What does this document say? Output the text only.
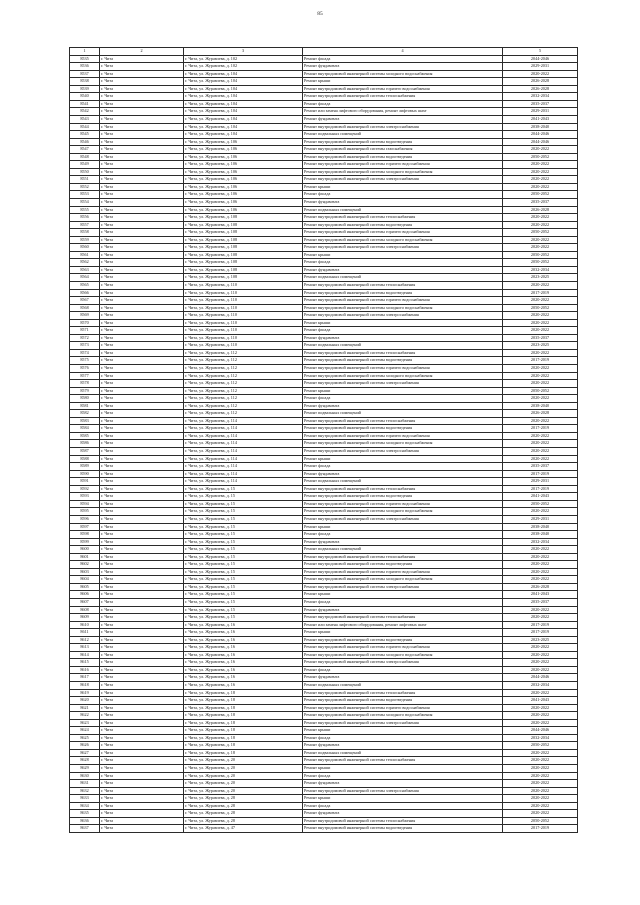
85
1	2	3	4	5
8535	г. Чита	г. Чита, ул. Журавлева, д. 102	Ремонт фасада	2044-2046
8536	г. Чита	г. Чита, ул. Журавлева, д. 102	Ремонт фундамента	2029-2031
8537	г. Чита	г. Чита, ул. Журавлева, д. 104	Ремонт внутридомовой инженерной системы холодного водоснабжения	2020-2022
8538	г. Чита	г. Чита, ул. Журавлева, д. 104	Ремонт крыши	2026-2028
8539	г. Чита	г. Чита, ул. Журавлева, д. 104	Ремонт внутридомовой инженерной системы горячего водоснабжения	2026-2028
8540	г. Чита	г. Чита, ул. Журавлева, д. 104	Ремонт внутридомовой инженерной системы теплоснабжения	2032-2034
8541	г. Чита	г. Чита, ул. Журавлева, д. 104	Ремонт фасада	2035-2037
8542	г. Чита	г. Чита, ул. Журавлева, д. 104	Ремонт или замена лифтового оборудования, ремонт лифтовых шахт	2029-2031
8543	г. Чита	г. Чита, ул. Журавлева, д. 104	Ремонт фундамента	2041-2043
8544	г. Чита	г. Чита, ул. Журавлева, д. 104	Ремонт внутридомовой инженерной системы электроснабжения	2038-2040
8545	г. Чита	г. Чита, ул. Журавлева, д. 104	Ремонт подвальных помещений	2044-2046
8546	г. Чита	г. Чита, ул. Журавлева, д. 106	Ремонт внутридомовой инженерной системы водоотведения	2044-2046
8547	г. Чита	г. Чита, ул. Журавлева, д. 106	Ремонт внутридомовой инженерной системы газоснабжения	2020-2022
8548	г. Чита	г. Чита, ул. Журавлева, д. 106	Ремонт внутридомовой инженерной системы водоотведения	2050-2052
8549	г. Чита	г. Чита, ул. Журавлева, д. 106	Ремонт внутридомовой инженерной системы горячего водоснабжения	2020-2022
8550	г. Чита	г. Чита, ул. Журавлева, д. 106	Ремонт внутридомовой инженерной системы холодного водоснабжения	2020-2022
8551	г. Чита	г. Чита, ул. Журавлева, д. 106	Ремонт внутридомовой инженерной системы электроснабжения	2020-2022
8552	г. Чита	г. Чита, ул. Журавлева, д. 106	Ремонт крыши	2020-2022
8553	г. Чита	г. Чита, ул. Журавлева, д. 106	Ремонт фасада	2050-2052
8554	г. Чита	г. Чита, ул. Журавлева, д. 106	Ремонт фундамента	2035-2037
8555	г. Чита	г. Чита, ул. Журавлева, д. 106	Ремонт подвальных помещений	2026-2028
8556	г. Чита	г. Чита, ул. Журавлева, д. 108	Ремонт внутридомовой инженерной системы теплоснабжения	2020-2022
8557	г. Чита	г. Чита, ул. Журавлева, д. 108	Ремонт внутридомовой инженерной системы водоотведения	2020-2022
8558	г. Чита	г. Чита, ул. Журавлева, д. 108	Ремонт внутридомовой инженерной системы горячего водоснабжения	2050-2052
8559	г. Чита	г. Чита, ул. Журавлева, д. 108	Ремонт внутридомовой инженерной системы холодного водоснабжения	2020-2022
8560	г. Чита	г. Чита, ул. Журавлева, д. 108	Ремонт внутридомовой инженерной системы электроснабжения	2020-2022
8561	г. Чита	г. Чита, ул. Журавлева, д. 108	Ремонт крыши	2050-2052
8562	г. Чита	г. Чита, ул. Журавлева, д. 108	Ремонт фасада	2050-2052
8563	г. Чита	г. Чита, ул. Журавлева, д. 108	Ремонт фундамента	2032-2034
8564	г. Чита	г. Чита, ул. Журавлева, д. 108	Ремонт подвальных помещений	2023-2025
8565	г. Чита	г. Чита, ул. Журавлева, д. 110	Ремонт внутридомовой инженерной системы теплоснабжения	2020-2022
8566	г. Чита	г. Чита, ул. Журавлева, д. 110	Ремонт внутридомовой инженерной системы водоотведения	2017-2019
8567	г. Чита	г. Чита, ул. Журавлева, д. 110	Ремонт внутридомовой инженерной системы горячего водоснабжения	2020-2022
8568	г. Чита	г. Чита, ул. Журавлева, д. 110	Ремонт внутридомовой инженерной системы холодного водоснабжения	2050-2052
8569	г. Чита	г. Чита, ул. Журавлева, д. 110	Ремонт внутридомовой инженерной системы электроснабжения	2020-2022
8570	г. Чита	г. Чита, ул. Журавлева, д. 110	Ремонт крыши	2020-2022
8571	г. Чита	г. Чита, ул. Журавлева, д. 110	Ремонт фасада	2020-2022
8572	г. Чита	г. Чита, ул. Журавлева, д. 110	Ремонт фундамента	2035-2037
8573	г. Чита	г. Чита, ул. Журавлева, д. 110	Ремонт подвальных помещений	2023-2025
8574	г. Чита	г. Чита, ул. Журавлева, д. 112	Ремонт внутридомовой инженерной системы теплоснабжения	2020-2022
8575	г. Чита	г. Чита, ул. Журавлева, д. 112	Ремонт внутридомовой инженерной системы водоотведения	2017-2019
8576	г. Чита	г. Чита, ул. Журавлева, д. 112	Ремонт внутридомовой инженерной системы горячего водоснабжения	2020-2022
8577	г. Чита	г. Чита, ул. Журавлева, д. 112	Ремонт внутридомовой инженерной системы холодного водоснабжения	2020-2022
8578	г. Чита	г. Чита, ул. Журавлева, д. 112	Ремонт внутридомовой инженерной системы электроснабжения	2020-2022
8579	г. Чита	г. Чита, ул. Журавлева, д. 112	Ремонт крыши	2050-2052
8580	г. Чита	г. Чита, ул. Журавлева, д. 112	Ремонт фасада	2020-2022
8581	г. Чита	г. Чита, ул. Журавлева, д. 112	Ремонт фундамента	2038-2040
8582	г. Чита	г. Чита, ул. Журавлева, д. 112	Ремонт подвальных помещений	2026-2028
8583	г. Чита	г. Чита, ул. Журавлева, д. 114	Ремонт внутридомовой инженерной системы теплоснабжения	2020-2022
8584	г. Чита	г. Чита, ул. Журавлева, д. 114	Ремонт внутридомовой инженерной системы водоотведения	2017-2019
8585	г. Чита	г. Чита, ул. Журавлева, д. 114	Ремонт внутридомовой инженерной системы горячего водоснабжения	2020-2022
8586	г. Чита	г. Чита, ул. Журавлева, д. 114	Ремонт внутридомовой инженерной системы холодного водоснабжения	2020-2022
8587	г. Чита	г. Чита, ул. Журавлева, д. 114	Ремонт внутридомовой инженерной системы электроснабжения	2020-2022
8588	г. Чита	г. Чита, ул. Журавлева, д. 114	Ремонт крыши	2020-2022
8589	г. Чита	г. Чита, ул. Журавлева, д. 114	Ремонт фасада	2035-2037
8590	г. Чита	г. Чита, ул. Журавлева, д. 114	Ремонт фундамента	2017-2019
8591	г. Чита	г. Чита, ул. Журавлева, д. 114	Ремонт подвальных помещений	2029-2031
8592	г. Чита	г. Чита, ул. Журавлева, д. 15	Ремонт внутридомовой инженерной системы теплоснабжения	2017-2019
8593	г. Чита	г. Чита, ул. Журавлева, д. 15	Ремонт внутридомовой инженерной системы водоотведения	2041-2043
8594	г. Чита	г. Чита, ул. Журавлева, д. 15	Ремонт внутридомовой инженерной системы горячего водоснабжения	2050-2052
8595	г. Чита	г. Чита, ул. Журавлева, д. 15	Ремонт внутридомовой инженерной системы холодного водоснабжения	2020-2022
8596	г. Чита	г. Чита, ул. Журавлева, д. 15	Ремонт внутридомовой инженерной системы электроснабжения	2029-2031
8597	г. Чита	г. Чита, ул. Журавлева, д. 15	Ремонт крыши	2038-2040
8598	г. Чита	г. Чита, ул. Журавлева, д. 15	Ремонт фасада	2038-2040
8599	г. Чита	г. Чита, ул. Журавлева, д. 15	Ремонт фундамента	2032-2034
8600	г. Чита	г. Чита, ул. Журавлева, д. 15	Ремонт подвальных помещений	2020-2022
8601	г. Чита	г. Чита, ул. Журавлева, д. 15	Ремонт внутридомовой инженерной системы теплоснабжения	2020-2022
8602	г. Чита	г. Чита, ул. Журавлева, д. 15	Ремонт внутридомовой инженерной системы водоотведения	2020-2022
8603	г. Чита	г. Чита, ул. Журавлева, д. 15	Ремонт внутридомовой инженерной системы горячего водоснабжения	2020-2022
8604	г. Чита	г. Чита, ул. Журавлева, д. 15	Ремонт внутридомовой инженерной системы холодного водоснабжения	2020-2022
8605	г. Чита	г. Чита, ул. Журавлева, д. 15	Ремонт внутридомовой инженерной системы электроснабжения	2026-2028
8606	г. Чита	г. Чита, ул. Журавлева, д. 15	Ремонт крыши	2041-2043
8607	г. Чита	г. Чита, ул. Журавлева, д. 15	Ремонт фасада	2035-2037
8608	г. Чита	г. Чита, ул. Журавлева, д. 15	Ремонт фундамента	2020-2022
8609	г. Чита	г. Чита, ул. Журавлева, д. 15	Ремонт внутридомовой инженерной системы теплоснабжения	2020-2022
8610	г. Чита	г. Чита, ул. Журавлева, д. 16	Ремонт или замена лифтового оборудования, ремонт лифтовых шахт	2017-2019
8611	г. Чита	г. Чита, ул. Журавлева, д. 16	Ремонт крыши	2017-2019
8612	г. Чита	г. Чита, ул. Журавлева, д. 16	Ремонт внутридомовой инженерной системы водоотведения	2023-2025
8613	г. Чита	г. Чита, ул. Журавлева, д. 16	Ремонт внутридомовой инженерной системы горячего водоснабжения	2020-2022
8614	г. Чита	г. Чита, ул. Журавлева, д. 16	Ремонт внутридомовой инженерной системы холодного водоснабжения	2020-2022
8615	г. Чита	г. Чита, ул. Журавлева, д. 16	Ремонт внутридомовой инженерной системы электроснабжения	2020-2022
8616	г. Чита	г. Чита, ул. Журавлева, д. 16	Ремонт фасада	2020-2022
8617	г. Чита	г. Чита, ул. Журавлева, д. 16	Ремонт фундамента	2044-2046
8618	г. Чита	г. Чита, ул. Журавлева, д. 16	Ремонт подвальных помещений	2032-2034
8619	г. Чита	г. Чита, ул. Журавлева, д. 18	Ремонт внутридомовой инженерной системы теплоснабжения	2020-2022
8620	г. Чита	г. Чита, ул. Журавлева, д. 18	Ремонт внутридомовой инженерной системы водоотведения	2041-2043
8621	г. Чита	г. Чита, ул. Журавлева, д. 18	Ремонт внутридомовой инженерной системы горячего водоснабжения	2020-2022
8622	г. Чита	г. Чита, ул. Журавлева, д. 18	Ремонт внутридомовой инженерной системы холодного водоснабжения	2020-2022
8623	г. Чита	г. Чита, ул. Журавлева, д. 18	Ремонт внутридомовой инженерной системы электроснабжения	2020-2022
8624	г. Чита	г. Чита, ул. Журавлева, д. 18	Ремонт крыши	2044-2046
8625	г. Чита	г. Чита, ул. Журавлева, д. 18	Ремонт фасада	2032-2034
8626	г. Чита	г. Чита, ул. Журавлева, д. 18	Ремонт фундамента	2050-2052
8627	г. Чита	г. Чита, ул. Журавлева, д. 18	Ремонт подвальных помещений	2020-2022
8628	г. Чита	г. Чита, ул. Журавлева, д. 20	Ремонт внутридомовой инженерной системы теплоснабжения	2020-2022
8629	г. Чита	г. Чита, ул. Журавлева, д. 20	Ремонт крыши	2020-2022
8630	г. Чита	г. Чита, ул. Журавлева, д. 20	Ремонт фасада	2020-2022
8631	г. Чита	г. Чита, ул. Журавлева, д. 20	Ремонт фундамента	2020-2022
8632	г. Чита	г. Чита, ул. Журавлева, д. 20	Ремонт внутридомовой инженерной системы электроснабжения	2020-2022
8633	г. Чита	г. Чита, ул. Журавлева, д. 28	Ремонт крыши	2020-2022
8634	г. Чита	г. Чита, ул. Журавлева, д. 28	Ремонт фасада	2020-2022
8635	г. Чита	г. Чита, ул. Журавлева, д. 28	Ремонт фундамента	2020-2022
8636	г. Чита	г. Чита, ул. Журавлева, д. 28	Ремонт внутридомовой инженерной системы теплоснабжения	2050-2052
8637	г. Чита	г. Чита, ул. Журавлева, д. 47	Ремонт внутридомовой инженерной системы водоотведения	2017-2019
